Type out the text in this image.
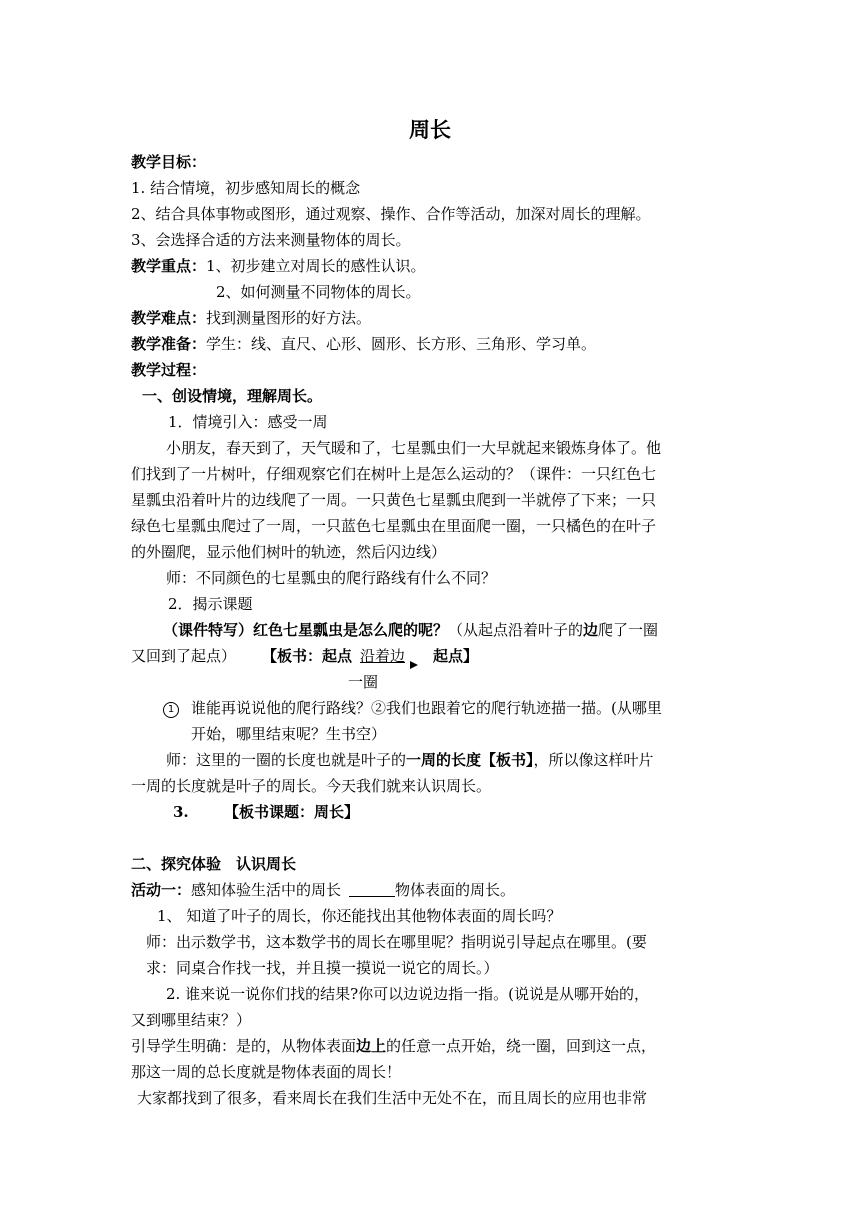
周长
教学目标：
1. 结合情境，初步感知周长的概念
2、结合具体事物或图形，通过观察、操作、合作等活动，加深对周长的理解。
3、会选择合适的方法来测量物体的周长。
教学重点：1、初步建立对周长的感性认识。
2、如何测量不同物体的周长。
教学难点：找到测量图形的好方法。
教学准备：学生：线、直尺、心形、圆形、长方形、三角形、学习单。
教学过程：
一、创设情境，理解周长。
1．情境引入：感受一周
小朋友，春天到了，天气暖和了，七星瓢虫们一大早就起来锻炼身体了。他
们找到了一片树叶，仔细观察它们在树叶上是怎么运动的？（课件：一只红色七
星瓢虫沿着叶片的边线爬了一周。一只黄色七星瓢虫爬到一半就停了下来；一只
绿色七星瓢虫爬过了一周，一只蓝色七星瓢虫在里面爬一圈，一只橘色的在叶子
的外圈爬，显示他们树叶的轨迹，然后闪边线）
师：不同颜色的七星瓢虫的爬行路线有什么不同？
2．揭示课题
（课件特写）红色七星瓢虫是怎么爬的呢？（从起点沿着叶子的边爬了一圈
又回到了起点） 【板书：起点 沿着边 起点】
一圈
1 谁能再说说他的爬行路线？②我们也跟着它的爬行轨迹描一描。(从哪里
开始，哪里结束呢？生书空）
师：这里的一圈的长度也就是叶子的一周的长度【板书】，所以像这样叶片
一周的长度就是叶子的周长。今天我们就来认识周长。
3. 【板书课题：周长】
二、探究体验　认识周长
活动一：感知体验生活中的周长	物体表面的周长。
1、 知道了叶子的周长，你还能找出其他物体表面的周长吗？
师：出示数学书，这本数学书的周长在哪里呢？指明说引导起点在哪里。(要
求：同桌合作找一找，并且摸一摸说一说它的周长。）
2. 谁来说一说你们找的结果?你可以边说边指一指。(说说是从哪开始的，
又到哪里结束？）
引导学生明确：是的，从物体表面边上的任意一点开始，绕一圈，回到这一点，
那这一周的总长度就是物体表面的周长！
大家都找到了很多，看来周长在我们生活中无处不在，而且周长的应用也非常
